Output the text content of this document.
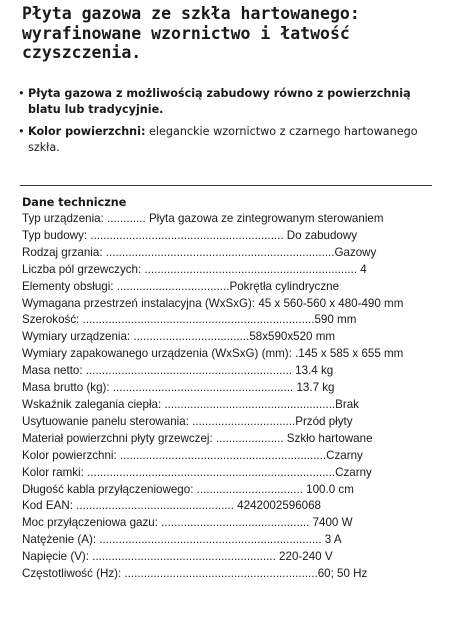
Płyta gazowa ze szkła hartowanego:
wyrafinowane wzornictwo i łatwość
czyszczenia.
• Płyta gazowa z możliwością zabudowy równo z powierzchnią blatu lub tradycyjnie.
• Kolor powierzchni: eleganckie wzornictwo z czarnego hartowanego szkła.
Dane techniczne
Typ urządzenia: ............ Płyta gazowa ze zintegrowanym sterowaniem
Typ budowy: ............................................................ Do zabudowy
Rodzaj grzania: .......................................................................Gazowy
Liczba pól grzewczych: .................................................................. 4
Elementy obsługi: ...................................Pokrętła cylindryczne
Wymagana przestrzeń instalacyjna (WxSxG): 45 x 560-560 x 480-490 mm
Szerokość: ........................................................................590 mm
Wymiary urządzenia: ....................................58x590x520 mm
Wymiary zapakowanego urządzenia (WxSxG) (mm): .145 x 585 x 655 mm
Masa netto: ................................................................ 13.4 kg
Masa brutto (kg): ........................................................ 13.7 kg
Wskaźnik zalegania ciepła: .....................................................Brak
Usytuowanie panelu sterowania: ................................Przód płyty
Materiał powierzchni płyty grzewczej: ..................... Szkło hartowane
Kolor powierzchni: ................................................................Czarny
Kolor ramki: .............................................................................Czarny
Długość kabla przyłączeniowego: ................................. 100.0 cm
Kod EAN: ................................................. 4242002596068
Moc przyłączeniowa gazu: .............................................. 7400 W
Natężenie (A): ..................................................................... 3 A
Napięcie (V): ......................................................... 220-240 V
Częstotliwość (Hz): ............................................................60; 50 Hz
